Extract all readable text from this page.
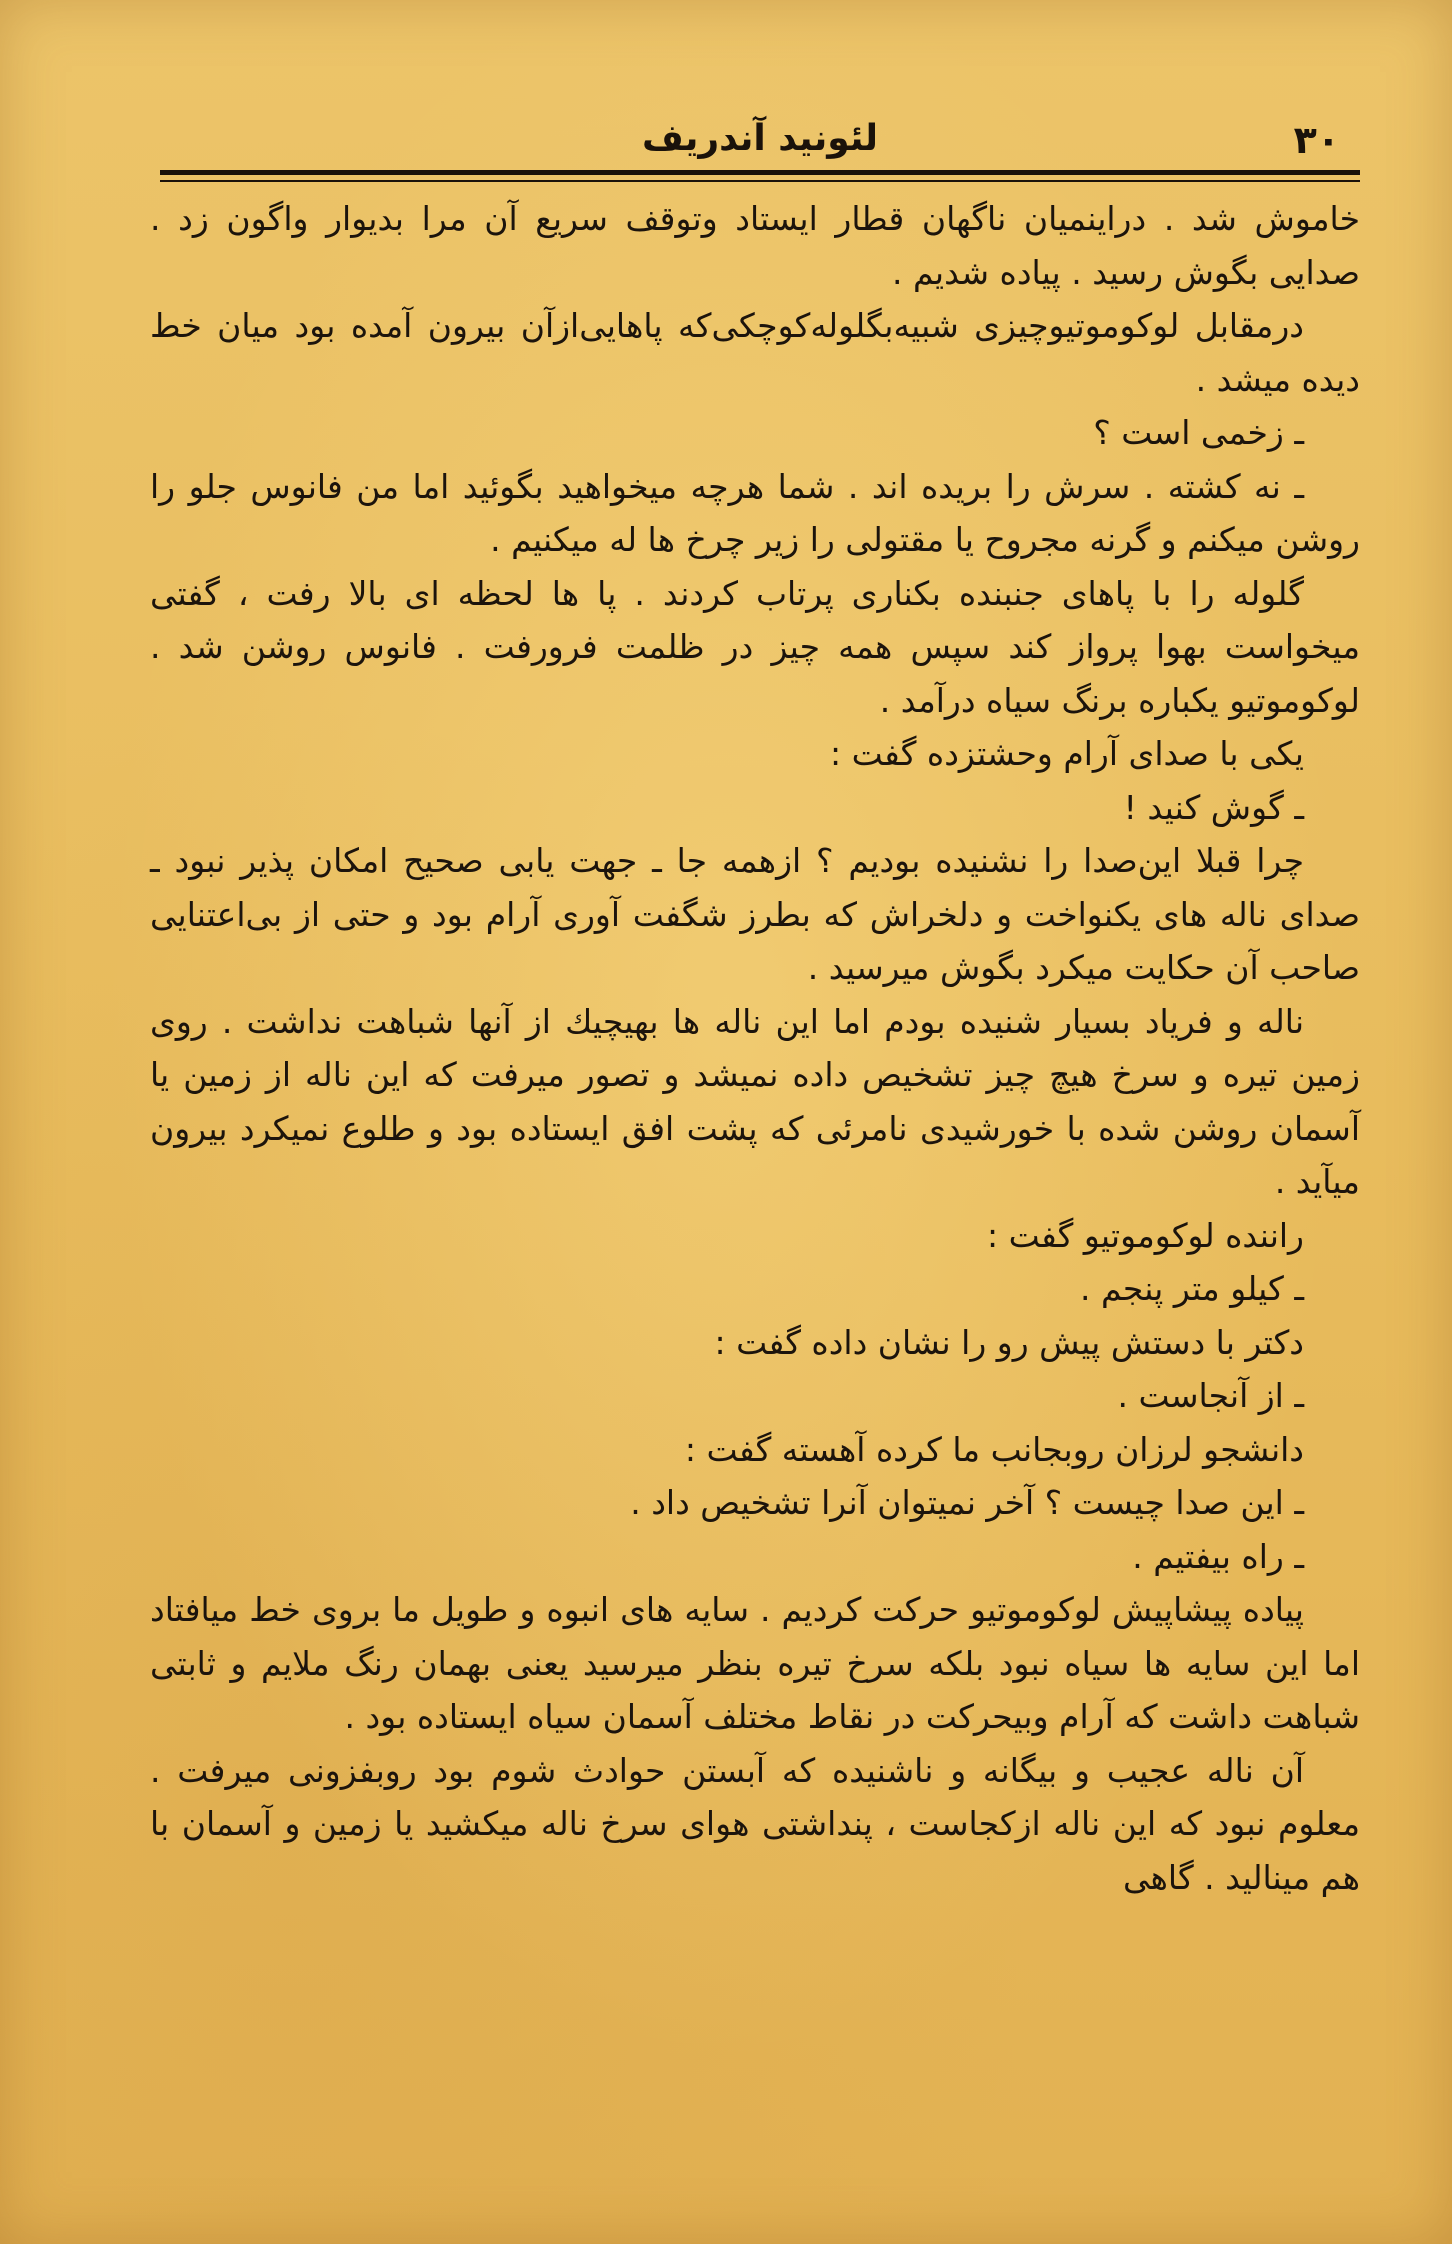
۳۰
لئونید آندریف

خاموش شد . دراینمیان ناگهان قطار ایستاد وتوقف سریع آن مرا بدیوار واگون زد . صدایی بگوش رسید . پیاده شدیم .

درمقابل لوکوموتیوچیزی شبیه‌بگلوله‌کوچکی‌که پاهایی‌ازآن بیرون آمده بود میان خط دیده میشد .

ـ زخمی است ؟

ـ نه کشته . سرش را بریده اند . شما هرچه میخواهید بگوئید اما من فانوس جلو را روشن میکنم و گرنه مجروح یا مقتولی را زیر چرخ ها له میکنیم .

گلوله را با پاهای جنبنده بکناری پرتاب کردند . پا ها لحظه ای بالا رفت ، گفتی میخواست بهوا پرواز کند سپس همه چیز در ظلمت فرورفت . فانوس روشن شد . لوکوموتیو یکباره برنگ سیاه درآمد .

یکی با صدای آرام وحشتزده گفت :

ـ گوش کنید !

چرا قبلا این‌صدا را نشنیده بودیم ؟ ازهمه جا ـ جهت یابی صحیح امکان پذیر نبود ـ صدای ناله های یکنواخت و دلخراش که بطرز شگفت آوری آرام بود و حتی از بی‌اعتنایی صاحب آن حکایت میکرد بگوش میرسید .

ناله و فریاد بسیار شنیده بودم اما این ناله ها بهیچیك از آنها شباهت نداشت . روی زمین تیره و سرخ هیچ چیز تشخیص داده نمیشد و تصور میرفت که این ناله از زمین یا آسمان روشن شده با خورشیدی نامرئی که پشت افق ایستاده بود و طلوع نمیکرد بیرون میآید .

راننده لوکوموتیو گفت :

ـ کیلو متر پنجم .

دکتر با دستش پیش رو را نشان داده گفت :

ـ از آنجاست .

دانشجو لرزان روبجانب ما کرده آهسته گفت :

ـ این صدا چیست ؟ آخر نمیتوان آنرا تشخیص داد .

ـ راه بیفتیم .

پیاده پیشاپیش لوکوموتیو حرکت کردیم . سایه های انبوه و طویل ما بروی خط میافتاد اما این سایه ها سیاه نبود بلکه سرخ تیره بنظر میرسید یعنی بهمان رنگ ملایم و ثابتی شباهت داشت که آرام وبیحرکت در نقاط مختلف آسمان سیاه ایستاده بود .

آن ناله عجیب و بیگانه و ناشنیده که آبستن حوادث شوم بود رو‌بفزونی میرفت . معلوم نبود که این ناله ازکجاست ، پنداشتی هوای سرخ ناله میکشید یا زمین و آسمان با هم مینالید . گاهی
